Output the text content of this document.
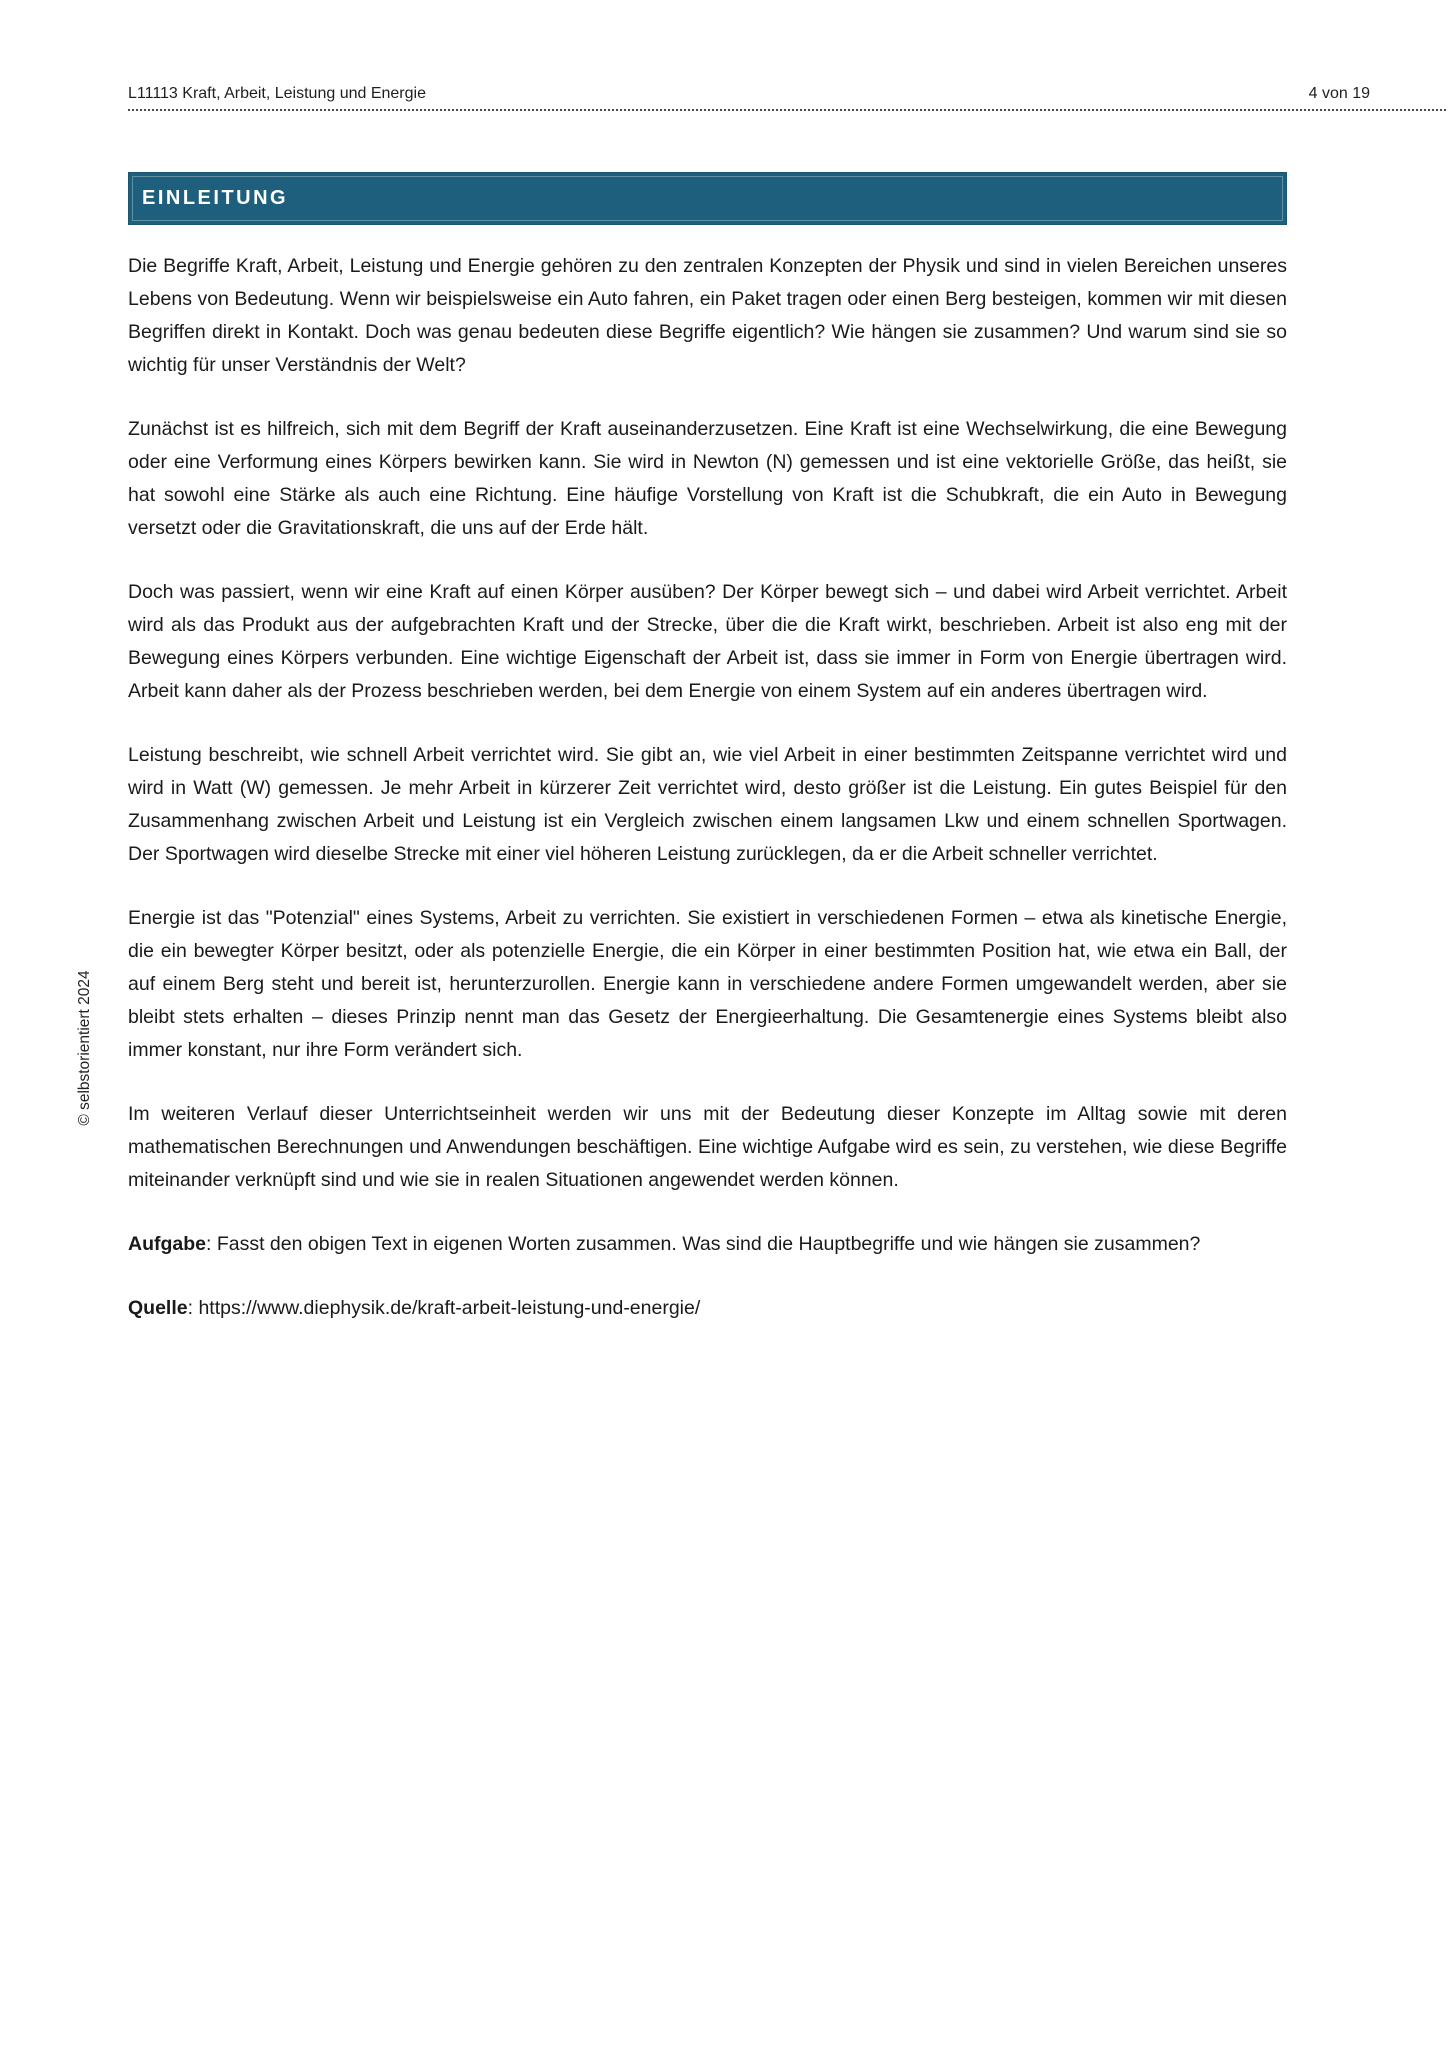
L11113 Kraft, Arbeit, Leistung und Energie	4 von 19
EINLEITUNG

Die Begriffe Kraft, Arbeit, Leistung und Energie gehören zu den zentralen Konzepten der Physik und sind in vielen Bereichen unseres Lebens von Bedeutung. Wenn wir beispielsweise ein Auto fahren, ein Paket tragen oder einen Berg besteigen, kommen wir mit diesen Begriffen direkt in Kontakt. Doch was genau bedeuten diese Begriffe eigentlich? Wie hängen sie zusammen? Und warum sind sie so wichtig für unser Verständnis der Welt?

Zunächst ist es hilfreich, sich mit dem Begriff der Kraft auseinanderzusetzen. Eine Kraft ist eine Wechselwirkung, die eine Bewegung oder eine Verformung eines Körpers bewirken kann. Sie wird in Newton (N) gemessen und ist eine vektorielle Größe, das heißt, sie hat sowohl eine Stärke als auch eine Richtung. Eine häufige Vorstellung von Kraft ist die Schubkraft, die ein Auto in Bewegung versetzt oder die Gravitationskraft, die uns auf der Erde hält.

Doch was passiert, wenn wir eine Kraft auf einen Körper ausüben? Der Körper bewegt sich – und dabei wird Arbeit verrichtet. Arbeit wird als das Produkt aus der aufgebrachten Kraft und der Strecke, über die die Kraft wirkt, beschrieben. Arbeit ist also eng mit der Bewegung eines Körpers verbunden. Eine wichtige Eigenschaft der Arbeit ist, dass sie immer in Form von Energie übertragen wird. Arbeit kann daher als der Prozess beschrieben werden, bei dem Energie von einem System auf ein anderes übertragen wird.

Leistung beschreibt, wie schnell Arbeit verrichtet wird. Sie gibt an, wie viel Arbeit in einer bestimmten Zeitspanne verrichtet wird und wird in Watt (W) gemessen. Je mehr Arbeit in kürzerer Zeit verrichtet wird, desto größer ist die Leistung. Ein gutes Beispiel für den Zusammenhang zwischen Arbeit und Leistung ist ein Vergleich zwischen einem langsamen Lkw und einem schnellen Sportwagen. Der Sportwagen wird dieselbe Strecke mit einer viel höheren Leistung zurücklegen, da er die Arbeit schneller verrichtet.

Energie ist das "Potenzial" eines Systems, Arbeit zu verrichten. Sie existiert in verschiedenen Formen – etwa als kinetische Energie, die ein bewegter Körper besitzt, oder als potenzielle Energie, die ein Körper in einer bestimmten Position hat, wie etwa ein Ball, der auf einem Berg steht und bereit ist, herunterzurollen. Energie kann in verschiedene andere Formen umgewandelt werden, aber sie bleibt stets erhalten – dieses Prinzip nennt man das Gesetz der Energieerhaltung. Die Gesamtenergie eines Systems bleibt also immer konstant, nur ihre Form verändert sich.

Im weiteren Verlauf dieser Unterrichtseinheit werden wir uns mit der Bedeutung dieser Konzepte im Alltag sowie mit deren mathematischen Berechnungen und Anwendungen beschäftigen. Eine wichtige Aufgabe wird es sein, zu verstehen, wie diese Begriffe miteinander verknüpft sind und wie sie in realen Situationen angewendet werden können.

Aufgabe: Fasst den obigen Text in eigenen Worten zusammen. Was sind die Hauptbegriffe und wie hängen sie zusammen?

Quelle: https://www.diephysik.de/kraft-arbeit-leistung-und-energie/

© selbstorientiert 2024
